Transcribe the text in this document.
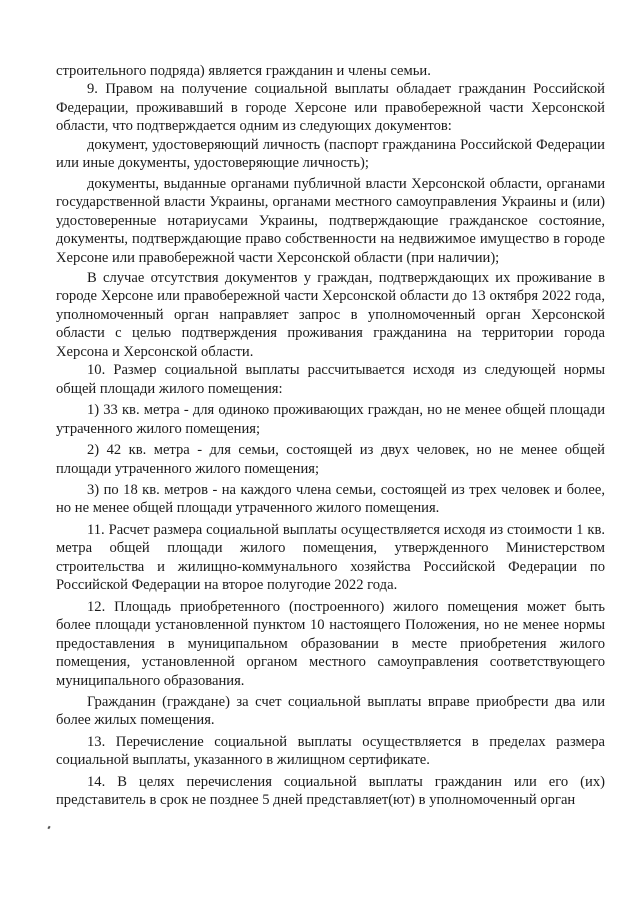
строительного подряда) является гражданин и члены семьи.

9. Правом на получение социальной выплаты обладает гражданин Российской Федерации, проживавший в городе Херсоне или правобережной части Херсонской области, что подтверждается одним из следующих документов:

документ, удостоверяющий личность (паспорт гражданина Российской Федерации или иные документы, удостоверяющие личность);

документы, выданные органами публичной власти Херсонской области, органами государственной власти Украины, органами местного самоуправления Украины и (или) удостоверенные нотариусами Украины, подтверждающие гражданское состояние, документы, подтверждающие право собственности на недвижимое имущество в городе Херсоне или правобережной части Херсонской области (при наличии);

В случае отсутствия документов у граждан, подтверждающих их проживание в городе Херсоне или правобережной части Херсонской области до 13 октября 2022 года, уполномоченный орган направляет запрос в уполномоченный орган Херсонской области с целью подтверждения проживания гражданина на территории города Херсона и Херсонской области.

10. Размер социальной выплаты рассчитывается исходя из следующей нормы общей площади жилого помещения:

1) 33 кв. метра - для одиноко проживающих граждан, но не менее общей площади утраченного жилого помещения;

2) 42 кв. метра - для семьи, состоящей из двух человек, но не менее общей площади утраченного жилого помещения;

3) по 18 кв. метров - на каждого члена семьи, состоящей из трех человек и более, но не менее общей площади утраченного жилого помещения.

11. Расчет размера социальной выплаты осуществляется исходя из стоимости 1 кв. метра общей площади жилого помещения, утвержденного Министерством строительства и жилищно-коммунального хозяйства Российской Федерации по Российской Федерации на второе полугодие 2022 года.

12. Площадь приобретенного (построенного) жилого помещения может быть более площади установленной пунктом 10 настоящего Положения, но не менее нормы предоставления в муниципальном образовании в месте приобретения жилого помещения, установленной органом местного самоуправления соответствующего муниципального образования.

Гражданин (граждане) за счет социальной выплаты вправе приобрести два или более жилых помещения.

13. Перечисление социальной выплаты осуществляется в пределах размера социальной выплаты, указанного в жилищном сертификате.

14. В целях перечисления социальной выплаты гражданин или его (их) представитель в срок не позднее 5 дней представляет(ют) в уполномоченный орган
